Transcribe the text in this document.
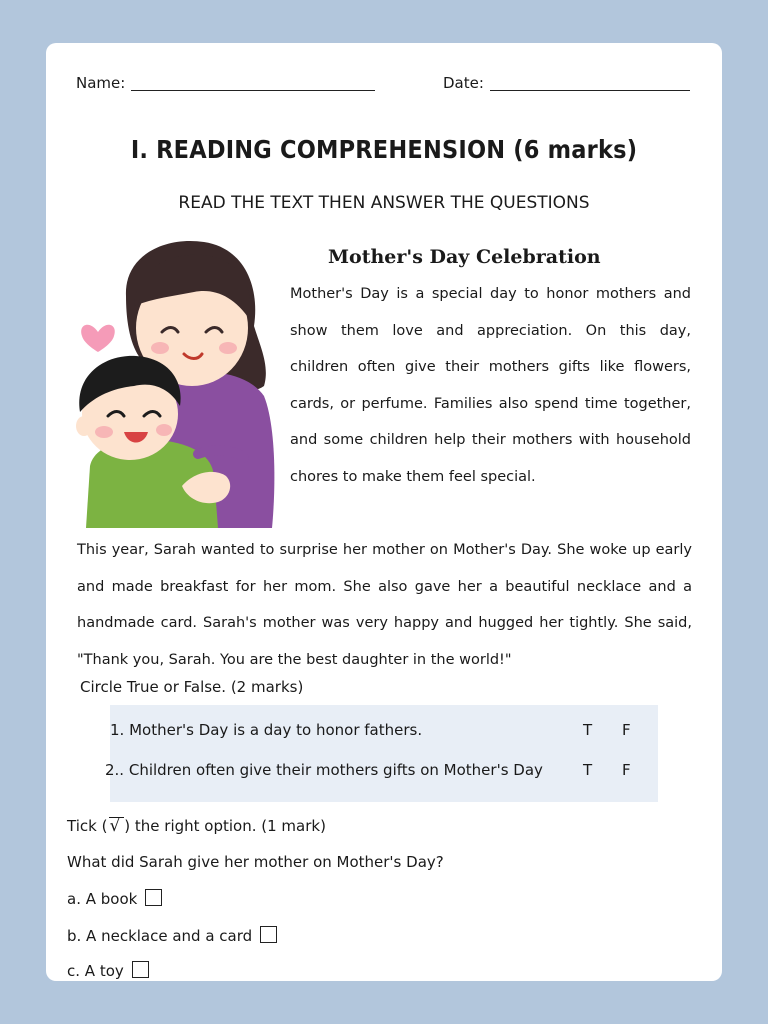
Name:	Date:
I. READING COMPREHENSION (6 marks)
READ THE TEXT THEN ANSWER THE QUESTIONS
Mother's Day Celebration

Mother's Day is a special day to honor mothers and show them love and appreciation. On this day, children often give their mothers gifts like flowers, cards, or perfume. Families also spend time together, and some children help their mothers with household chores to make them feel special.

This year, Sarah wanted to surprise her mother on Mother's Day. She woke up early and made breakfast for her mom. She also gave her a beautiful necklace and a handmade card. Sarah's mother was very happy and hugged her tightly. She said, "Thank you, Sarah. You are the best daughter in the world!"

Circle True or False. (2 marks)
1. Mother's Day is a day to honor fathers.	T F
2.. Children often give their mothers gifts on Mother's Day	T F
Tick ( √ ) the right option. (1 mark)
What did Sarah give her mother on Mother's Day?
a. A book
b. A necklace and a card
c. A toy
